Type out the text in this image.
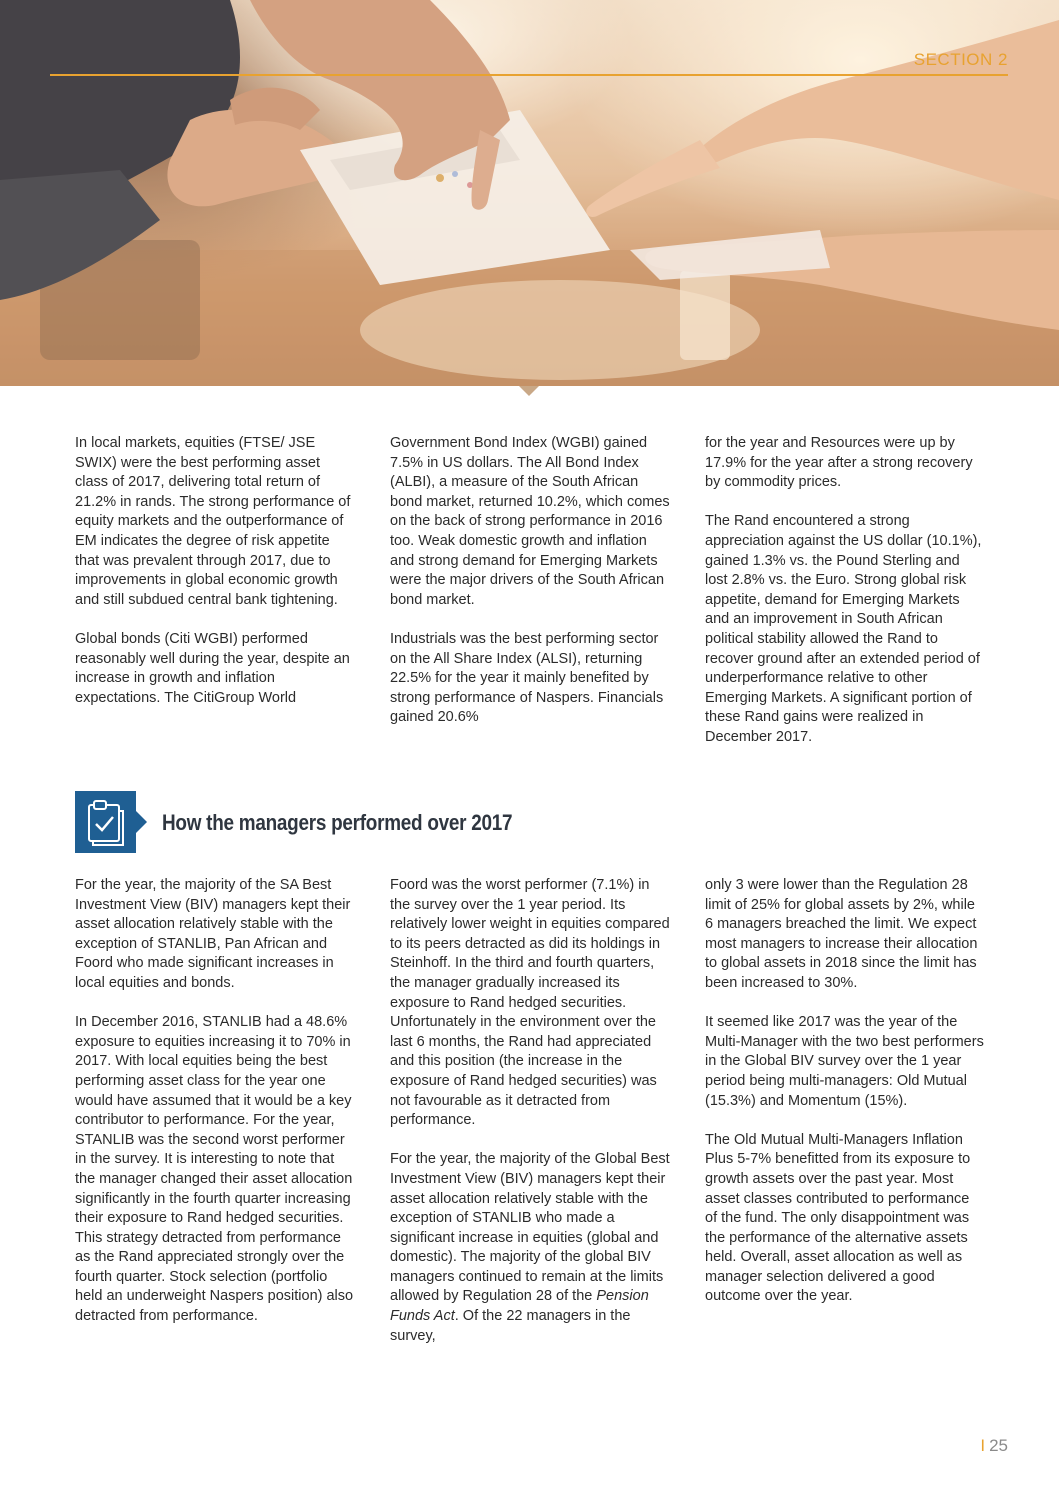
SECTION 2

In local markets, equities (FTSE/ JSE SWIX) were the best performing asset class of 2017, delivering total return of 21.2% in rands. The strong performance of equity markets and the outperformance of EM indicates the degree of risk appetite that was prevalent through 2017, due to improvements in global economic growth and still subdued central bank tightening.

Global bonds (Citi WGBI) performed reasonably well during the year, despite an increase in growth and inflation expectations. The CitiGroup World

Government Bond Index (WGBI) gained 7.5% in US dollars. The All Bond Index (ALBI), a measure of the South African bond market, returned 10.2%, which comes on the back of strong performance in 2016 too. Weak domestic growth and inflation and strong demand for Emerging Markets were the major drivers of the South African bond market.

Industrials was the best performing sector on the All Share Index (ALSI), returning 22.5% for the year it mainly benefited by strong performance of Naspers. Financials gained 20.6%

for the year and Resources were up by 17.9% for the year after a strong recovery by commodity prices.

The Rand encountered a strong appreciation against the US dollar (10.1%), gained 1.3% vs. the Pound Sterling and lost 2.8% vs. the Euro. Strong global risk appetite, demand for Emerging Markets and an improvement in South African political stability allowed the Rand to recover ground after an extended period of underperformance relative to other Emerging Markets. A significant portion of these Rand gains were realized in December 2017.

How the managers performed over 2017

For the year, the majority of the SA Best Investment View (BIV) managers kept their asset allocation relatively stable with the exception of STANLIB, Pan African and Foord who made significant increases in local equities and bonds.

In December 2016, STANLIB had a 48.6% exposure to equities increasing it to 70% in 2017. With local equities being the best performing asset class for the year one would have assumed that it would be a key contributor to performance. For the year, STANLIB was the second worst performer in the survey. It is interesting to note that the manager changed their asset allocation significantly in the fourth quarter increasing their exposure to Rand hedged securities. This strategy detracted from performance as the Rand appreciated strongly over the fourth quarter. Stock selection (portfolio held an underweight Naspers position) also detracted from performance.

Foord was the worst performer (7.1%) in the survey over the 1 year period. Its relatively lower weight in equities compared to its peers detracted as did its holdings in Steinhoff. In the third and fourth quarters, the manager gradually increased its exposure to Rand hedged securities. Unfortunately in the environment over the last 6 months, the Rand had appreciated and this position (the increase in the exposure of Rand hedged securities) was not favourable as it detracted from performance.

For the year, the majority of the Global Best Investment View (BIV) managers kept their asset allocation relatively stable with the exception of STANLIB who made a significant increase in equities (global and domestic). The majority of the global BIV managers continued to remain at the limits allowed by Regulation 28 of the Pension Funds Act. Of the 22 managers in the survey,

only 3 were lower than the Regulation 28 limit of 25% for global assets by 2%, while 6 managers breached the limit. We expect most managers to increase their allocation to global assets in 2018 since the limit has been increased to 30%.

It seemed like 2017 was the year of the Multi-Manager with the two best performers in the Global BIV survey over the 1 year period being multi-managers: Old Mutual (15.3%) and Momentum (15%).

The Old Mutual Multi-Managers Inflation Plus 5-7% benefitted from its exposure to growth assets over the past year. Most asset classes contributed to performance of the fund. The only disappointment was the performance of the alternative assets held. Overall, asset allocation as well as manager selection delivered a good outcome over the year.

I 25
